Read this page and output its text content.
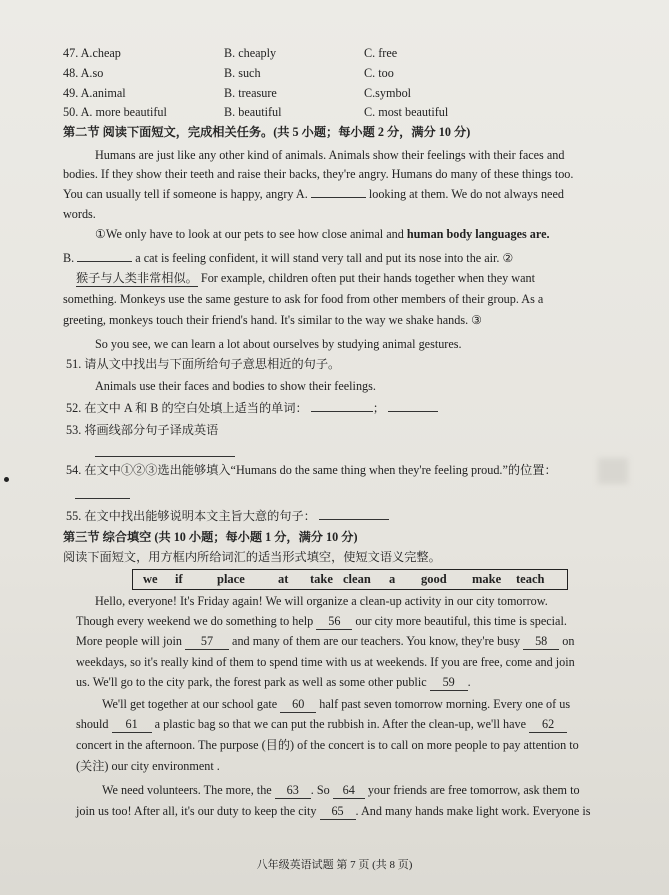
47. A.cheap	B. cheaply	C. free
48. A.so	B. such	C. too
49. A.animal	B. treasure	C.symbol
50. A. more beautiful	B. beautiful	C. most beautiful
第二节 阅读下面短文，完成相关任务。(共 5 小题；每小题 2 分，满分 10 分)
Humans are just like any other kind of animals. Animals show their feelings with their faces and
bodies. If they show their teeth and raise their backs, they're angry. Humans do many of these things too.
You can usually tell if someone is happy, angry A.	looking at them. We do not always need
words.
①We only have to look at our pets to see how close animal and human body languages are.
B.	a cat is feeling confident, it will stand very tall and put its nose into the air. ②
猴子与人类非常相似。 For example, children often put their hands together when they want
something. Monkeys use the same gesture to ask for food from other members of their group. As a
greeting, monkeys touch their friend's hand. It's similar to the way we shake hands. ③
So you see, we can learn a lot about ourselves by studying animal gestures.
51. 请从文中找出与下面所给句子意思相近的句子。
Animals use their faces and bodies to show their feelings.
52. 在文中 A 和 B 的空白处填上适当的单词：	；
53. 将画线部分句子译成英语
54. 在文中①②③选出能够填入“Humans do the same thing when they're feeling proud.”的位置：
55. 在文中找出能够说明本文主旨大意的句子：
第三节 综合填空 (共 10 小题；每小题 1 分，满分 10 分)
阅读下面短文，用方框内所给词汇的适当形式填空，使短文语义完整。
we if	place	at take clean a good make teach
Hello, everyone! It's Friday again! We will organize a clean-up activity in our city tomorrow.
Though every weekend we do something to help 56 our city more beautiful, this time is special.
More people will join 57 and many of them are our teachers. You know, they're busy 58 on
weekdays, so it's really kind of them to spend time with us at weekends. If you are free, come and join
us. We'll go to the city park, the forest park as well as some other public 59 .
We'll get together at our school gate 60 half past seven tomorrow morning. Every one of us
should 61 a plastic bag so that we can put the rubbish in. After the clean-up, we'll have 62
concert in the afternoon. The purpose (目的) of the concert is to call on more people to pay attention to
(关注) our city environment .
We need volunteers. The more, the 63 . So 64 your friends are free tomorrow, ask them to
join us too! After all, it's our duty to keep the city 65 . And many hands make light work. Everyone is
八年级英语试题 第 7 页 (共 8 页)
